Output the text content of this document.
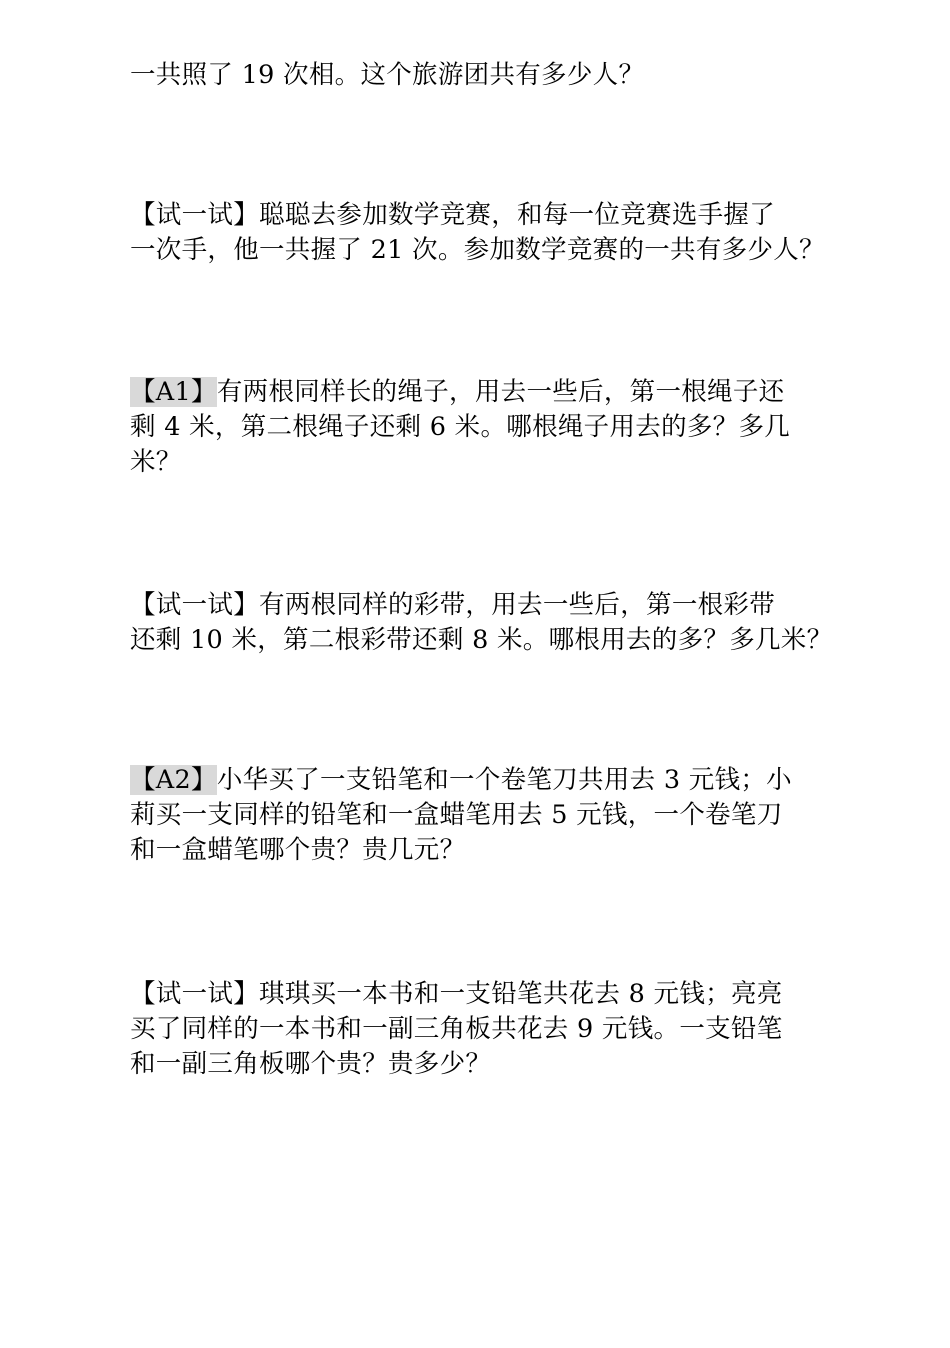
一共照了 19 次相。这个旅游团共有多少人？
【试一试】聪聪去参加数学竞赛，和每一位竞赛选手握了
一次手，他一共握了 21 次。参加数学竞赛的一共有多少人？
【A1】有两根同样长的绳子，用去一些后，第一根绳子还
剩 4 米，第二根绳子还剩 6 米。哪根绳子用去的多？多几
米？
【试一试】有两根同样的彩带，用去一些后，第一根彩带
还剩 10 米，第二根彩带还剩 8 米。哪根用去的多？多几米？
【A2】小华买了一支铅笔和一个卷笔刀共用去 3 元钱；小
莉买一支同样的铅笔和一盒蜡笔用去 5 元钱，一个卷笔刀
和一盒蜡笔哪个贵？贵几元？
【试一试】琪琪买一本书和一支铅笔共花去 8 元钱；亮亮
买了同样的一本书和一副三角板共花去 9 元钱。一支铅笔
和一副三角板哪个贵？贵多少？
